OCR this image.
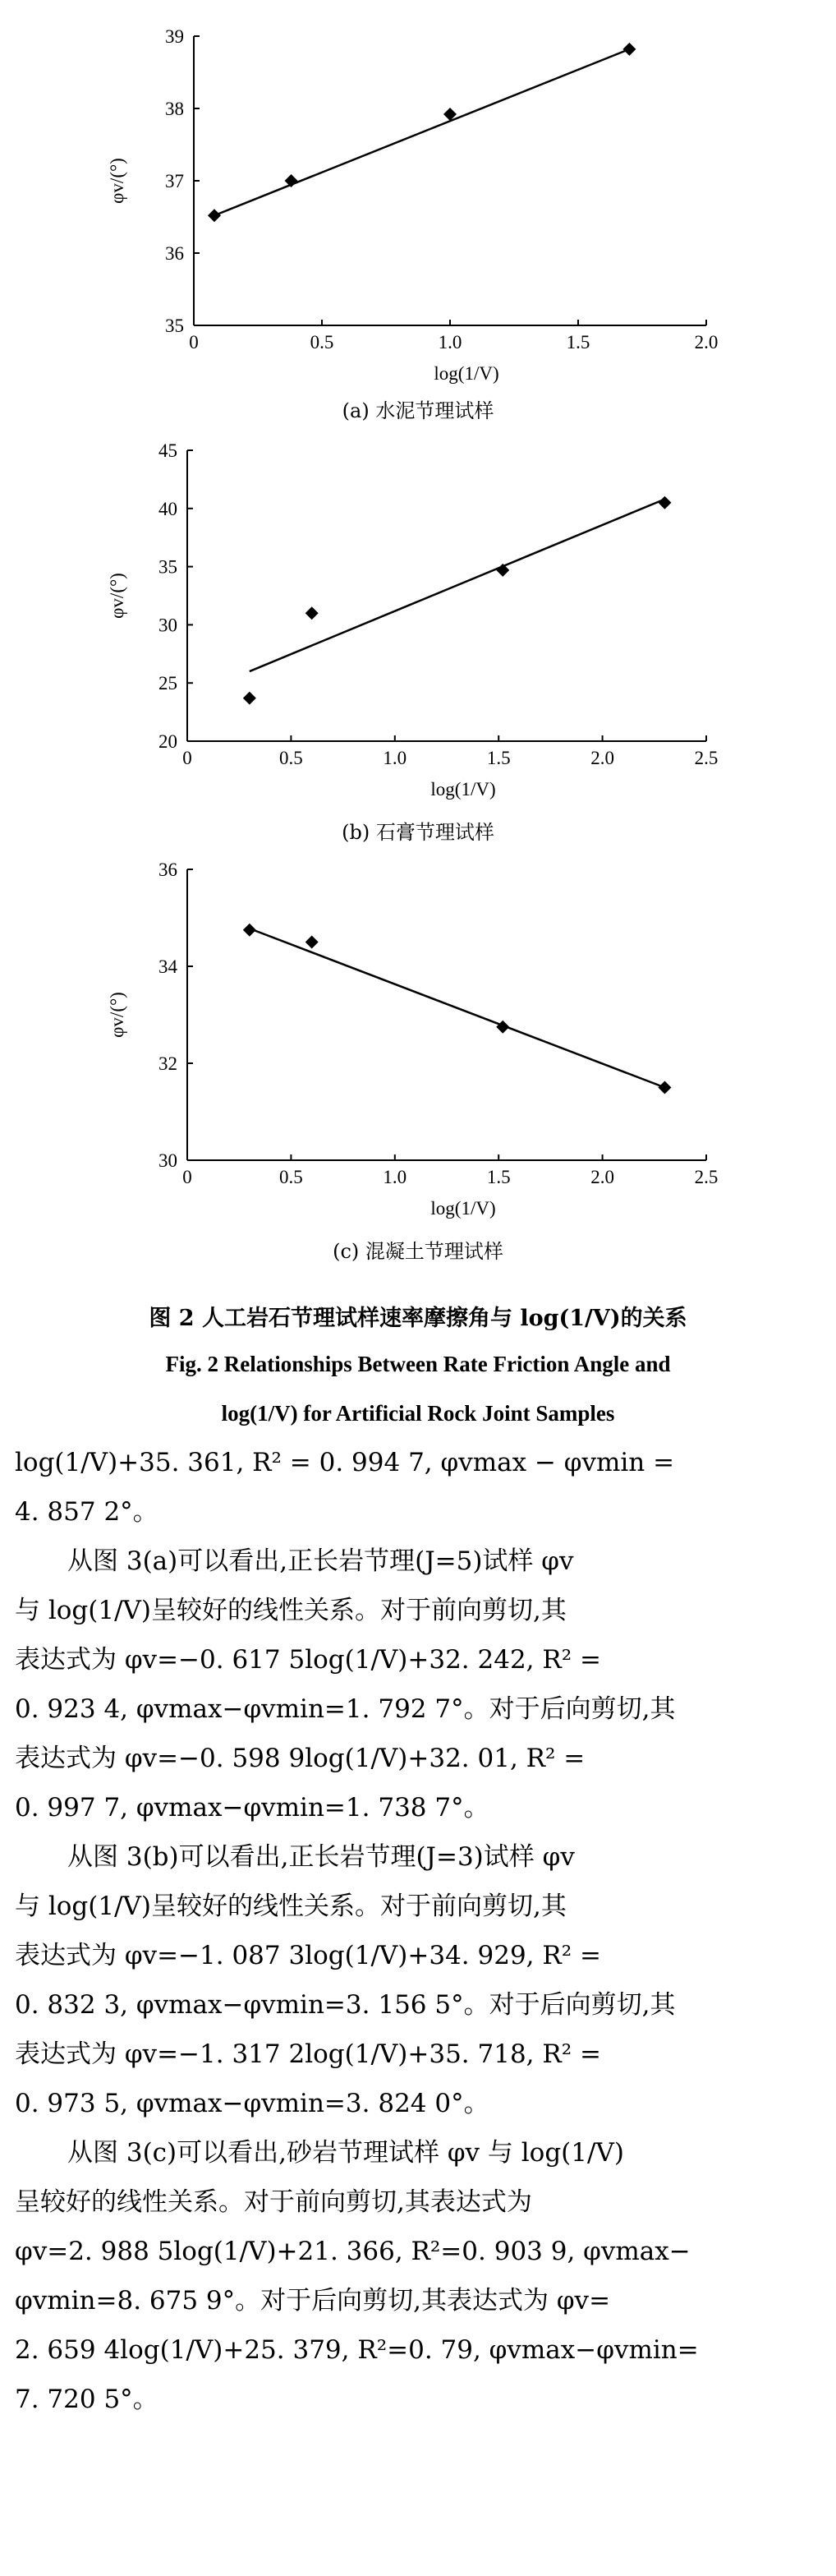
0	0.5	1.0	1.5	2.0
35
36
37
38
39
log(1/V)
φv/(°)
(a) 水泥节理试样
0	0.5	1.0	1.5	2.0	2.5
20
25
30
35
40
45
log(1/V)
φv/(°)
(b) 石膏节理试样
0	0.5	1.0	1.5	2.0	2.5
30
32
34
36
log(1/V)
φv/(°)
(c) 混凝土节理试样
图 2 人工岩石节理试样速率摩擦角与 log(1/V)的关系
Fig. 2 Relationships Between Rate Friction Angle and
log(1/V) for Artificial Rock Joint Samples
log(1/V)+35. 361, R² = 0. 994 7, φvmax − φvmin =
4. 857 2°。
从图 3(a)可以看出,正长岩节理(J=5)试样 φv
与 log(1/V)呈较好的线性关系。对于前向剪切,其
表达式为 φv=−0. 617 5log(1/V)+32. 242, R² =
0. 923 4, φvmax−φvmin=1. 792 7°。对于后向剪切,其
表达式为 φv=−0. 598 9log(1/V)+32. 01, R² =
0. 997 7, φvmax−φvmin=1. 738 7°。
从图 3(b)可以看出,正长岩节理(J=3)试样 φv
与 log(1/V)呈较好的线性关系。对于前向剪切,其
表达式为 φv=−1. 087 3log(1/V)+34. 929, R² =
0. 832 3, φvmax−φvmin=3. 156 5°。对于后向剪切,其
表达式为 φv=−1. 317 2log(1/V)+35. 718, R² =
0. 973 5, φvmax−φvmin=3. 824 0°。
从图 3(c)可以看出,砂岩节理试样 φv 与 log(1/V)
呈较好的线性关系。对于前向剪切,其表达式为
φv=2. 988 5log(1/V)+21. 366, R²=0. 903 9, φvmax−
φvmin=8. 675 9°。对于后向剪切,其表达式为 φv=
2. 659 4log(1/V)+25. 379, R²=0. 79, φvmax−φvmin=
7. 720 5°。
